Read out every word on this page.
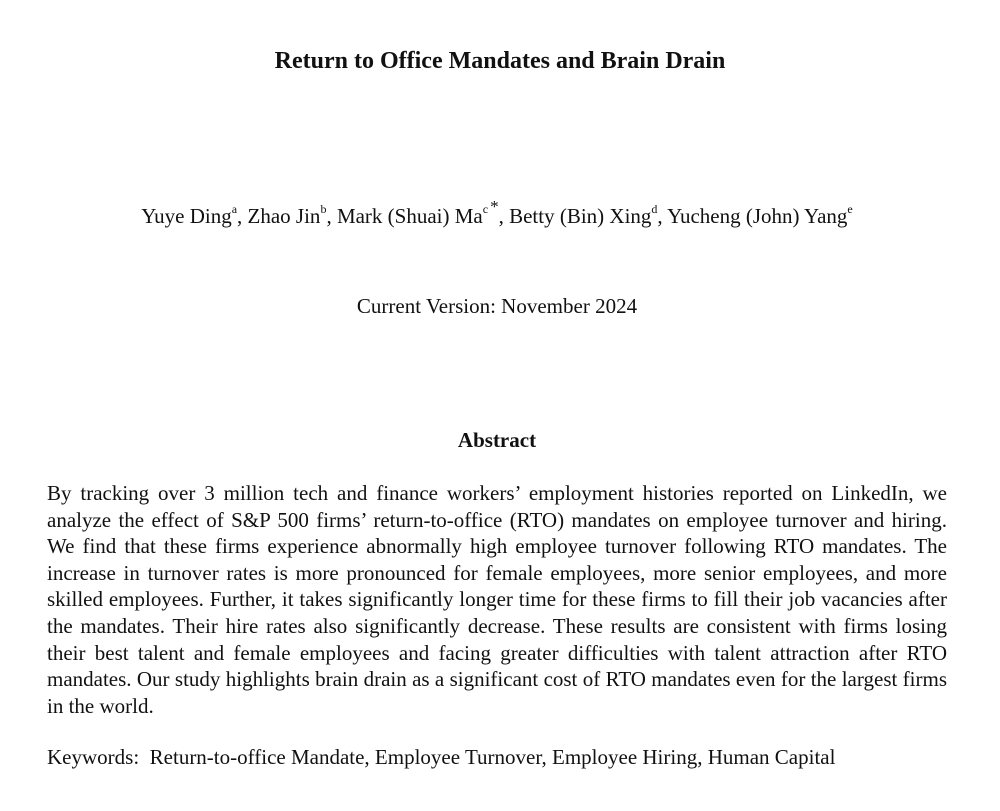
Return to Office Mandates and Brain Drain
Yuye Ding$^a$, Zhao Jin$^b$, Mark (Shuai) Ma$^c$ *, Betty (Bin) Xing$^d$, Yucheng (John) Yang$^e$
Current Version: November 2024
Abstract

By tracking over 3 million tech and finance workers’ employment histories reported on LinkedIn, we analyze the effect of S&P 500 firms’ return-to-office (RTO) mandates on employee turnover and hiring. We find that these firms experience abnormally high employee turnover following RTO mandates. The increase in turnover rates is more pronounced for female employees, more senior employees, and more skilled employees. Further, it takes significantly longer time for these firms to fill their job vacancies after the mandates. Their hire rates also significantly decrease. These results are consistent with firms losing their best talent and female employees and facing greater difficulties with talent attraction after RTO mandates. Our study highlights brain drain as a significant cost of RTO mandates even for the largest firms in the world.

Keywords: Return-to-office Mandate, Employee Turnover, Employee Hiring, Human Capital
